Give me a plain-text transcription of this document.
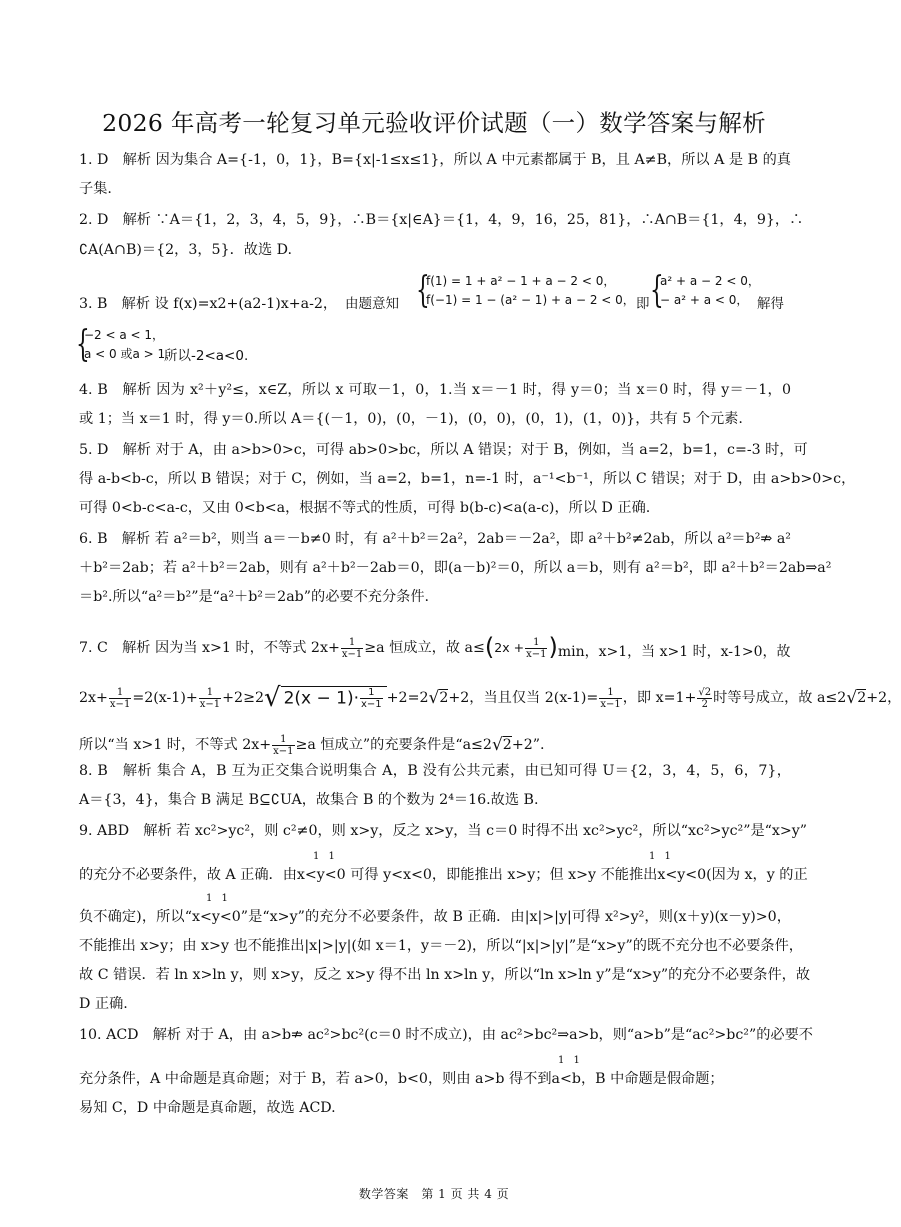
2026 年高考一轮复习单元验收评价试题（一）数学答案与解析
1. D　解析 因为集合 A={-1，0，1}，B={x|-1≤x≤1}，所以 A 中元素都属于 B，且 A≠B，所以 A 是 B 的真
子集.
2. D　解析 ∵A＝{1，2，3，4，5，9}，∴B＝{x|∈A}＝{1，4，9，16，25，81}，∴A∩B＝{1，4，9}，∴
∁A(A∩B)＝{2，3，5}．故选 D.
3. B　解析 设 f(x)=x2+(a2-1)x+a-2， 由题意知 {
f(1) = 1 + a² − 1 + a − 2 < 0，
f(−1) = 1 − (a² − 1) + a − 2 < 0， 即 {
a² + a − 2 < 0，
− a² + a < 0， 解得
{
−2 < a < 1，
a < 0 或a > 1，
所以-2<a<0.
4. B　解析 因为 x²＋y²≤，x∈Z，所以 x 可取－1，0，1.当 x＝－1 时，得 y＝0；当 x＝0 时，得 y＝－1，0
或 1；当 x＝1 时，得 y＝0.所以 A＝{(－1，0)，(0，－1)，(0，0)，(0，1)，(1，0)}，共有 5 个元素.
5. D　解析 对于 A，由 a>b>0>c，可得 ab>0>bc，所以 A 错误；对于 B，例如，当 a=2，b=1，c=-3 时，可
得 a-b<b-c，所以 B 错误；对于 C，例如，当 a=2，b=1，n=-1 时，a⁻¹<b⁻¹，所以 C 错误；对于 D，由 a>b>0>c，
可得 0<b-c<a-c，又由 0<b<a，根据不等式的性质，可得 b(b-c)<a(a-c)，所以 D 正确.
6. B　解析 若 a²＝b²，则当 a＝－b≠0 时，有 a²＋b²＝2a²，2ab＝－2a²，即 a²＋b²≠2ab，所以 a²＝b²⇏ a²
＋b²＝2ab；若 a²＋b²＝2ab，则有 a²＋b²－2ab＝0，即(a－b)²＝0，所以 a＝b，则有 a²＝b²，即 a²＋b²＝2ab⇒a²
＝b².所以“a²＝b²”是“a²＋b²＝2ab”的必要不充分条件.
7. C　解析 因为当 x>1 时，不等式 $2x+ \frac{1}{x-1} \ge a$ 恒成立，故 $a\le(2x + \frac{1}{x-1} )_{min,x>1,当 x>1 时,x-1>0,故}$
$2x+ \frac{1}{x-1} =2(x-1)+ \frac{1}{x-1} +2\ge 2√$ $2(x - 1)\cdot \frac{1}{x-1} +2=2√2+2$，当且仅当 $2(x-1)= \frac{1}{x-1}$ ，即 $x=1+ \frac{√2}{2}$ 时等号成立，故 a≤2√2+2，
所以“当 x>1 时，不等式 $2x+ \frac{1}{x-1} \ge a$ 恒成立”的充要条件是“a≤2√2+2”.
8. B　解析 集合 A，B 互为正交集合说明集合 A，B 没有公共元素，由已知可得 U＝{2，3，4，5，6，7}，
A＝{3，4}，集合 B 满足 B⊆∁UA，故集合 B 的个数为 2⁴＝16.故选 B.
9. ABD　解析 若 xc²>yc²，则 c²≠0，则 x>y，反之 x>y，当 c＝0 时得不出 xc²>yc²，所以“xc²>yc²”是“x>y”
1 1	1 1
的充分不必要条件，故 A 正确．由x<y<0 可得 y<x<0，即能推出 x>y；但 x>y 不能推出x<y<0(因为 x，y 的正
1 1
负不确定)，所以“x<y<0”是“x>y”的充分不必要条件，故 B 正确．由|x|>|y|可得 x²>y²，则(x＋y)(x－y)>0，
不能推出 x>y；由 x>y 也不能推出|x|>|y|(如 x＝1，y＝－2)，所以“|x|>|y|”是“x>y”的既不充分也不必要条件，
故 C 错误．若 ln x>ln y，则 x>y，反之 x>y 得不出 ln x>ln y，所以“ln x>ln y”是“x>y”的充分不必要条件，故
D 正确.
10. ACD　解析 对于 A，由 a>b⇏ ac²>bc²(c＝0 时不成立)，由 ac²>bc²⇒a>b，则“a>b”是“ac²>bc²”的必要不
1 1
充分条件，A 中命题是真命题；对于 B，若 a>0，b<0，则由 a>b 得不到a<b，B 中命题是假命题；
易知 C，D 中命题是真命题，故选 ACD.
数学答案　第 1 页 共 4 页
